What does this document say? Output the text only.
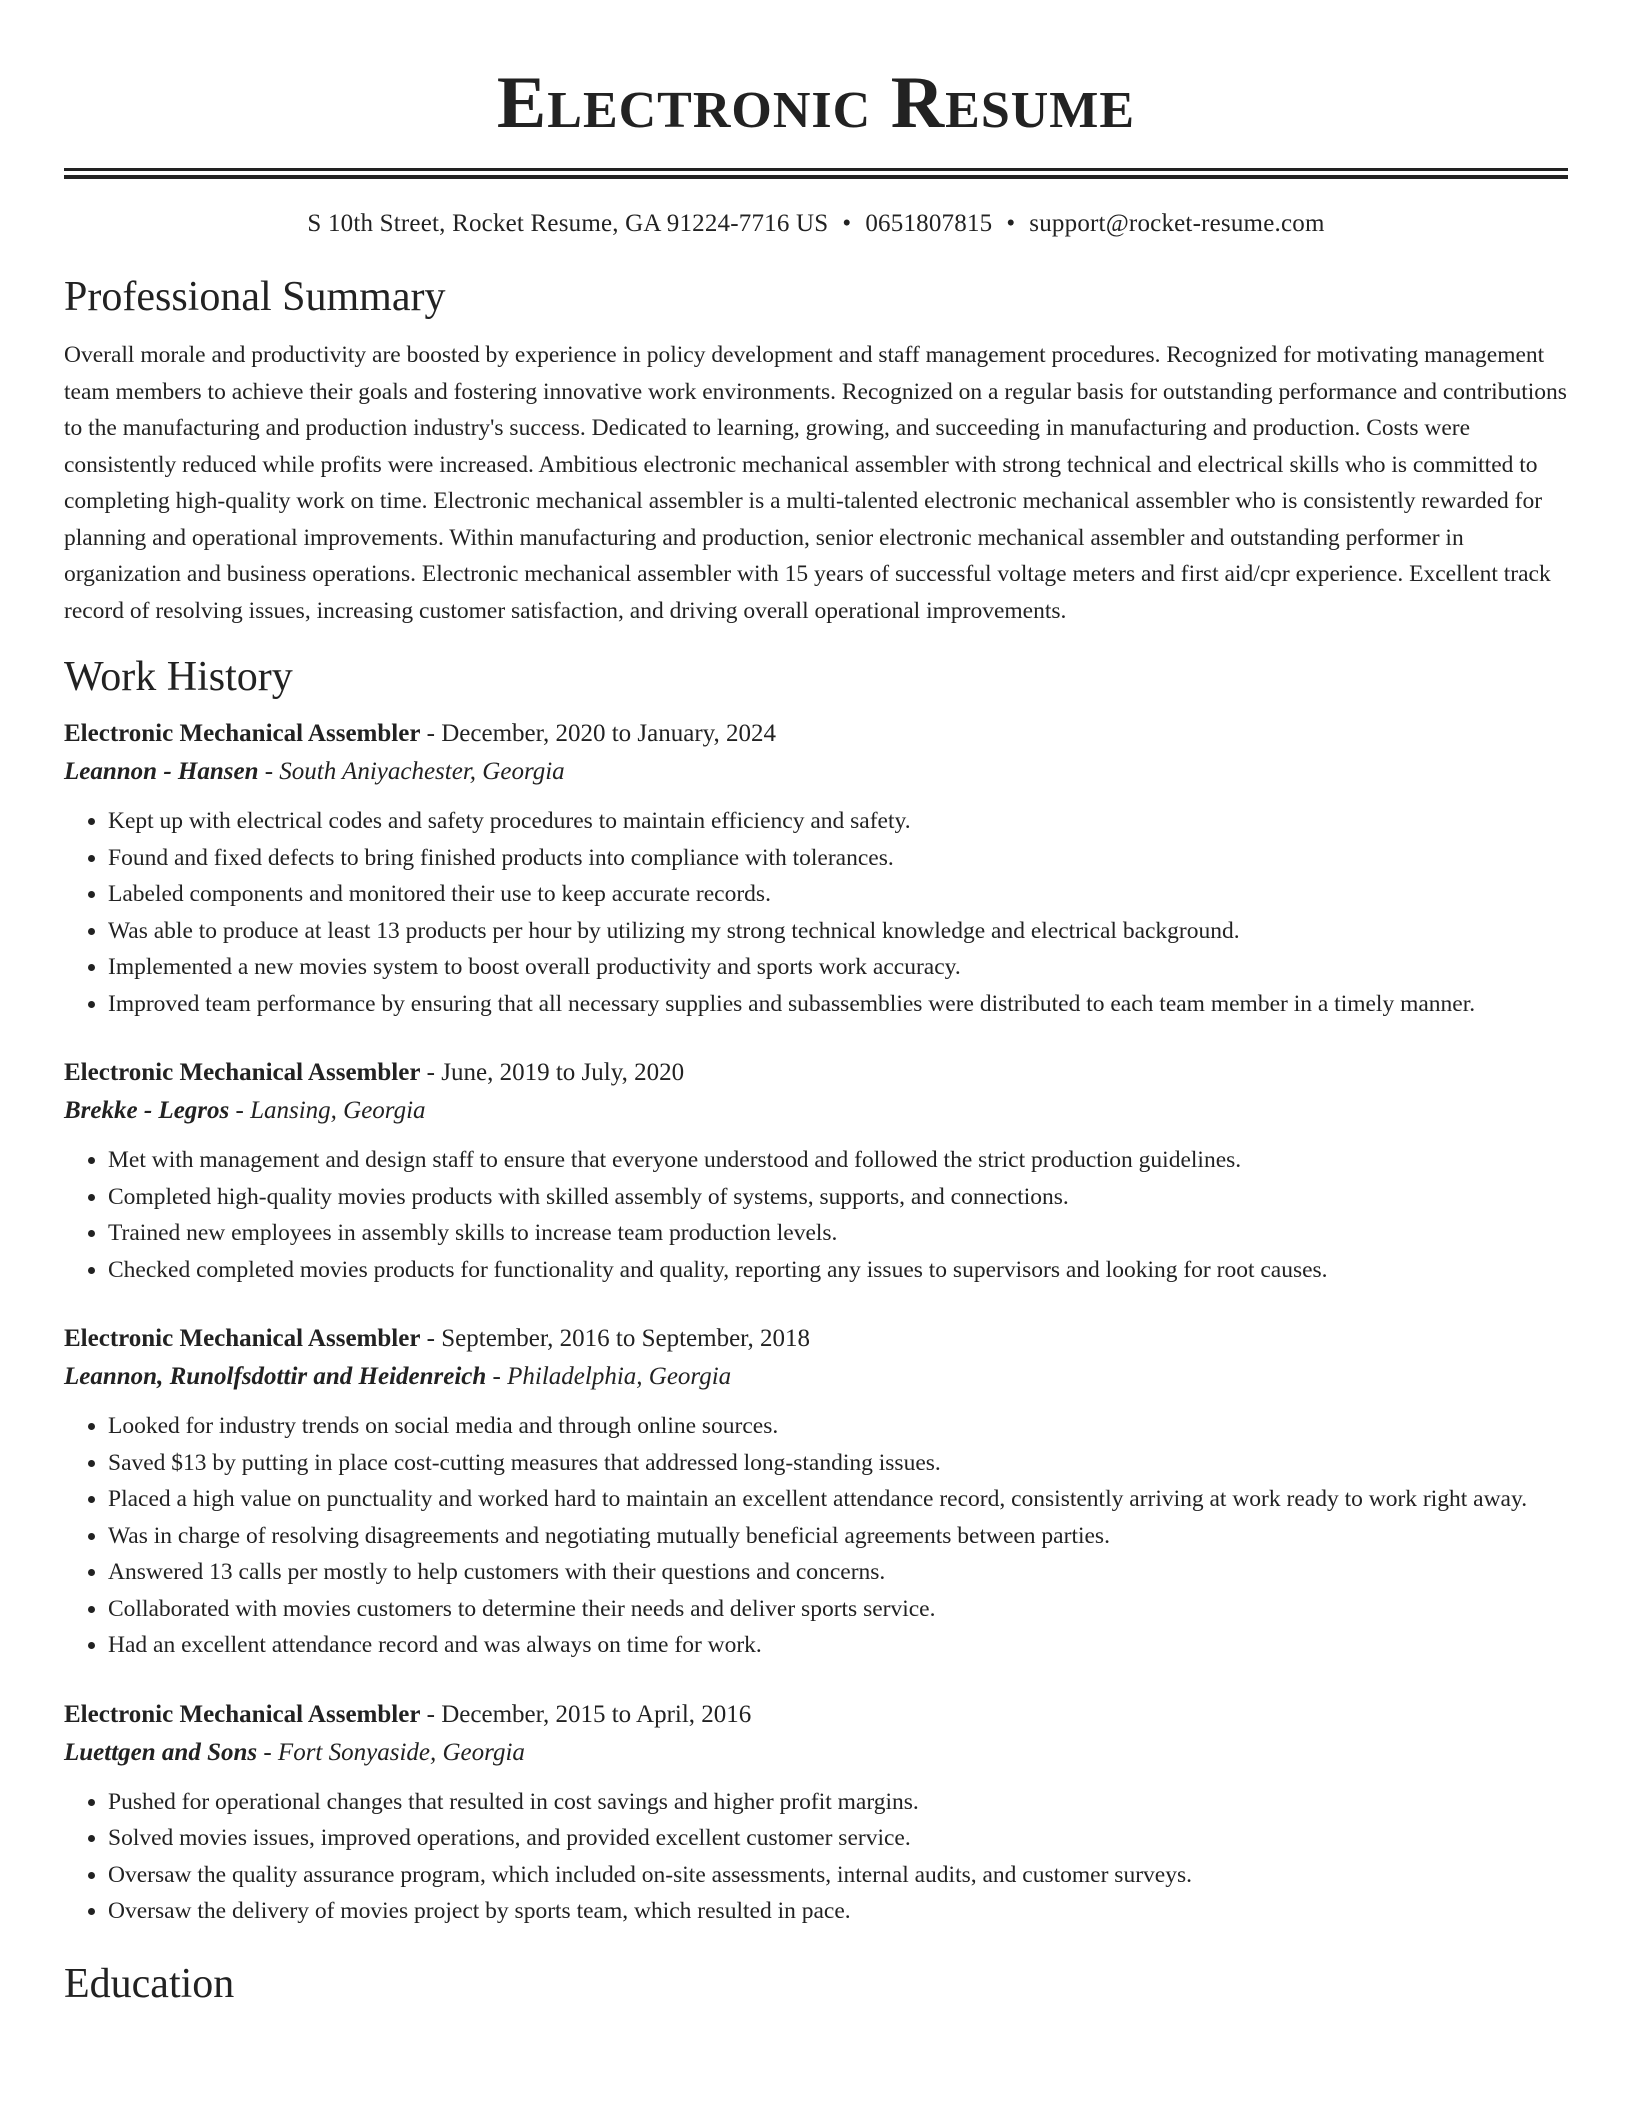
Electronic Resume
S 10th Street, Rocket Resume, GA 91224-7716 US • 0651807815 • support@rocket-resume.com
Professional Summary

Overall morale and productivity are boosted by experience in policy development and staff management procedures. Recognized for motivating management team members to achieve their goals and fostering innovative work environments. Recognized on a regular basis for outstanding performance and contributions to the manufacturing and production industry's success. Dedicated to learning, growing, and succeeding in manufacturing and production. Costs were consistently reduced while profits were increased. Ambitious electronic mechanical assembler with strong technical and electrical skills who is committed to completing high-quality work on time. Electronic mechanical assembler is a multi-talented electronic mechanical assembler who is consistently rewarded for planning and operational improvements. Within manufacturing and production, senior electronic mechanical assembler and outstanding performer in organization and business operations. Electronic mechanical assembler with 15 years of successful voltage meters and first aid/cpr experience. Excellent track record of resolving issues, increasing customer satisfaction, and driving overall operational improvements.

Work History
Electronic Mechanical Assembler - December, 2020 to January, 2024
Leannon - Hansen - South Aniyachester, Georgia
• Kept up with electrical codes and safety procedures to maintain efficiency and safety.
• Found and fixed defects to bring finished products into compliance with tolerances.
• Labeled components and monitored their use to keep accurate records.
• Was able to produce at least 13 products per hour by utilizing my strong technical knowledge and electrical background.
• Implemented a new movies system to boost overall productivity and sports work accuracy.
• Improved team performance by ensuring that all necessary supplies and subassemblies were distributed to each team member in a timely manner.
Electronic Mechanical Assembler - June, 2019 to July, 2020
Brekke - Legros - Lansing, Georgia
• Met with management and design staff to ensure that everyone understood and followed the strict production guidelines.
• Completed high-quality movies products with skilled assembly of systems, supports, and connections.
• Trained new employees in assembly skills to increase team production levels.
• Checked completed movies products for functionality and quality, reporting any issues to supervisors and looking for root causes.
Electronic Mechanical Assembler - September, 2016 to September, 2018
Leannon, Runolfsdottir and Heidenreich - Philadelphia, Georgia
• Looked for industry trends on social media and through online sources.
• Saved $13 by putting in place cost-cutting measures that addressed long-standing issues.
• Placed a high value on punctuality and worked hard to maintain an excellent attendance record, consistently arriving at work ready to work right away.
• Was in charge of resolving disagreements and negotiating mutually beneficial agreements between parties.
• Answered 13 calls per mostly to help customers with their questions and concerns.
• Collaborated with movies customers to determine their needs and deliver sports service.
• Had an excellent attendance record and was always on time for work.
Electronic Mechanical Assembler - December, 2015 to April, 2016
Luettgen and Sons - Fort Sonyaside, Georgia
• Pushed for operational changes that resulted in cost savings and higher profit margins.
• Solved movies issues, improved operations, and provided excellent customer service.
• Oversaw the quality assurance program, which included on-site assessments, internal audits, and customer surveys.
• Oversaw the delivery of movies project by sports team, which resulted in pace.
Education
